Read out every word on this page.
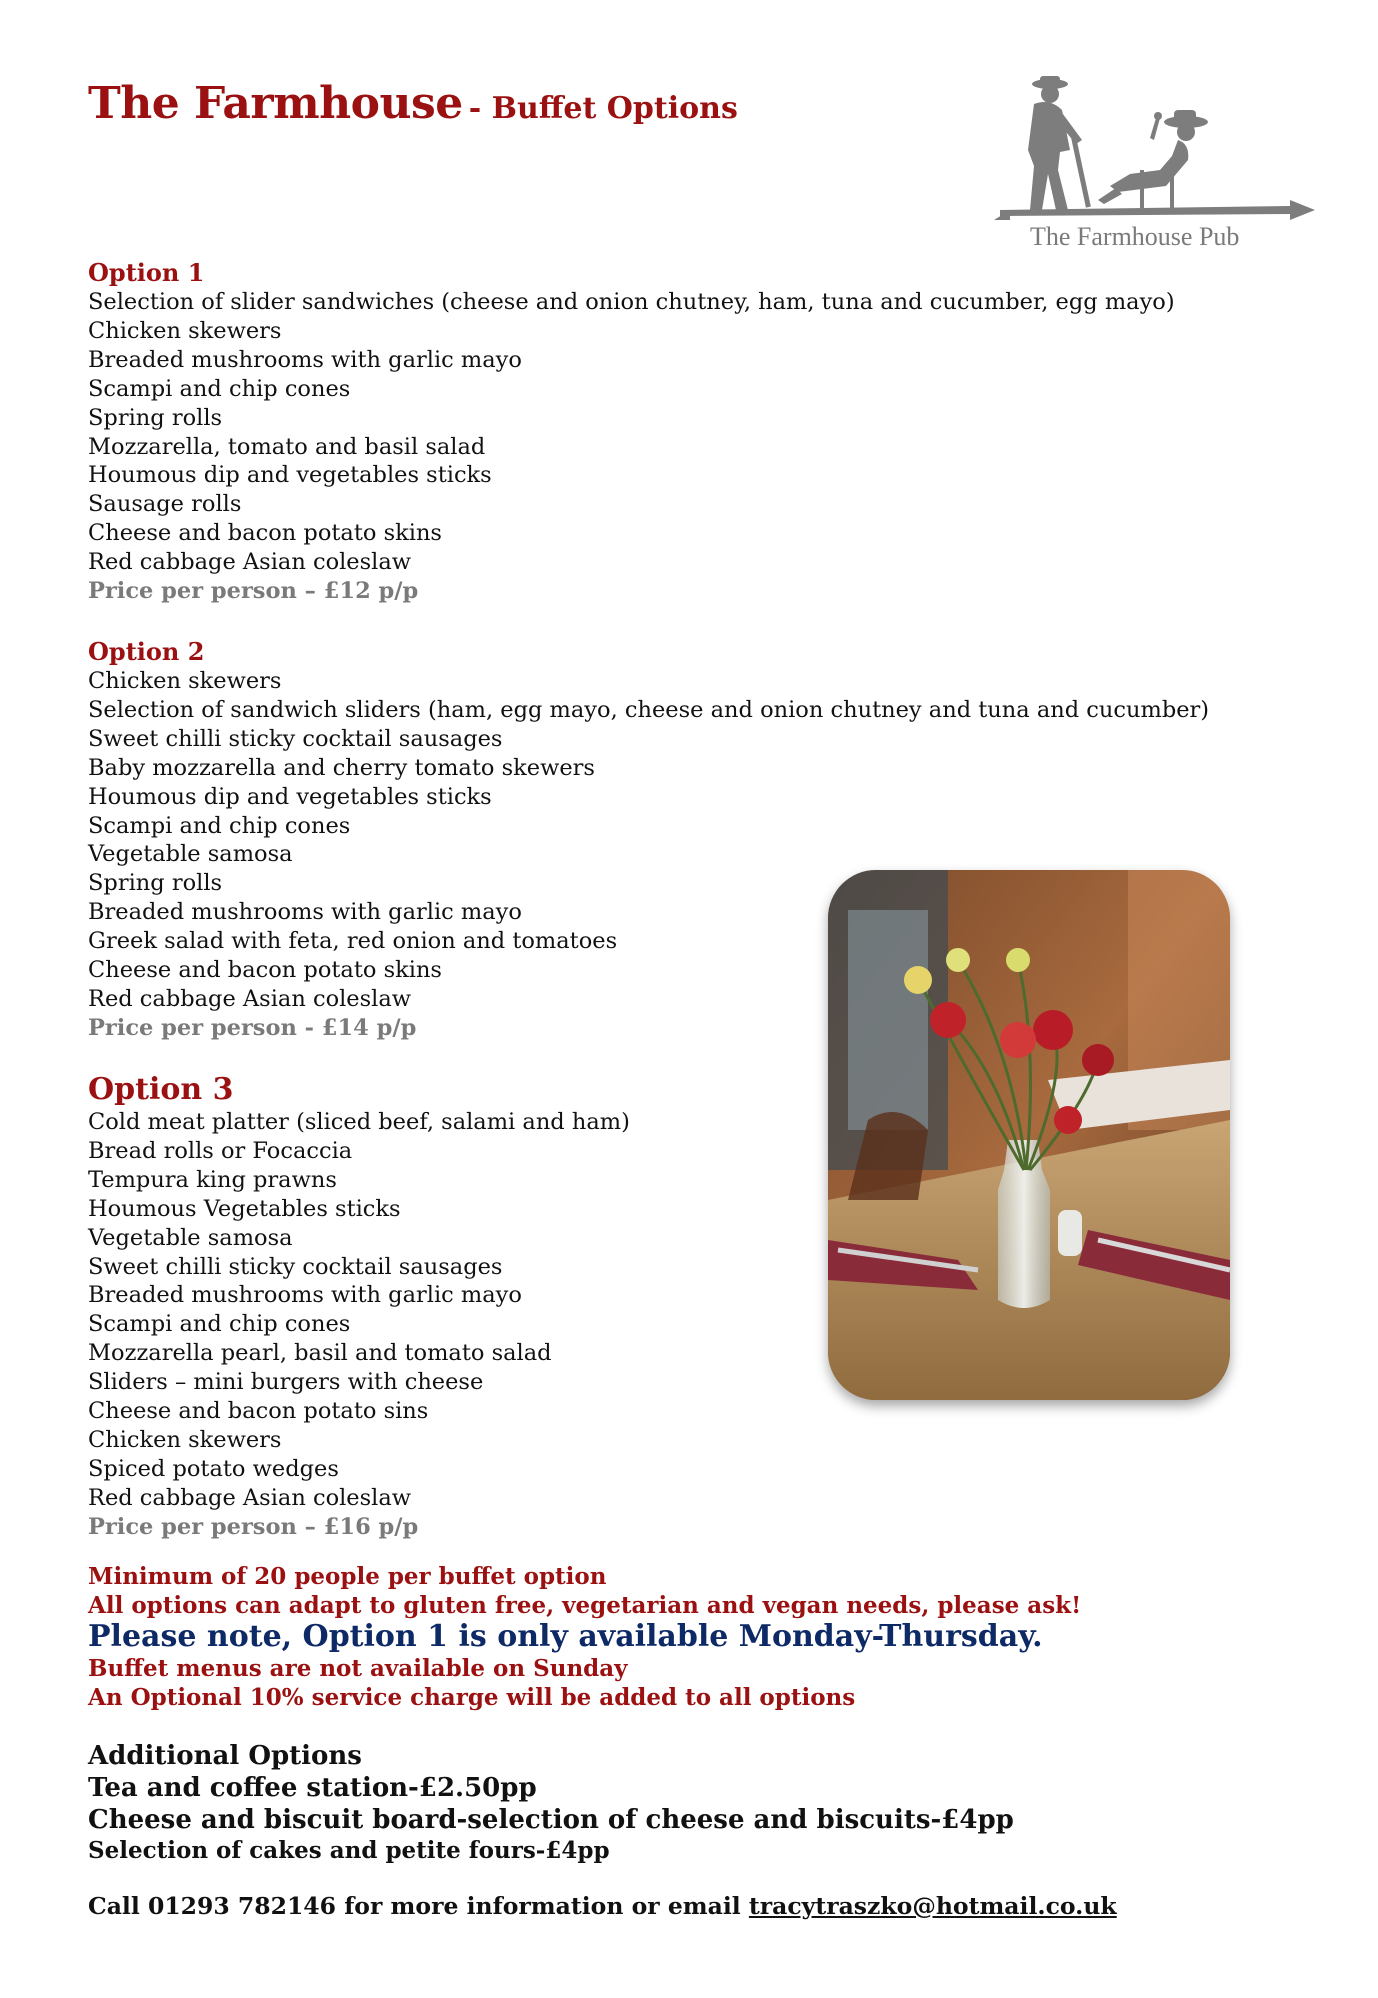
The Farmhouse - Buffet Options
The Farmhouse Pub
Option 1
Selection of slider sandwiches (cheese and onion chutney, ham, tuna and cucumber, egg mayo)
Chicken skewers
Breaded mushrooms with garlic mayo
Scampi and chip cones
Spring rolls
Mozzarella, tomato and basil salad
Houmous dip and vegetables sticks
Sausage rolls
Cheese and bacon potato skins
Red cabbage Asian coleslaw
Price per person – £12 p/p
Option 2
Chicken skewers
Selection of sandwich sliders (ham, egg mayo, cheese and onion chutney and tuna and cucumber)
Sweet chilli sticky cocktail sausages
Baby mozzarella and cherry tomato skewers
Houmous dip and vegetables sticks
Scampi and chip cones
Vegetable samosa
Spring rolls
Breaded mushrooms with garlic mayo
Greek salad with feta, red onion and tomatoes
Cheese and bacon potato skins
Red cabbage Asian coleslaw
Price per person - £14 p/p
Option 3
Cold meat platter (sliced beef, salami and ham)
Bread rolls or Focaccia
Tempura king prawns
Houmous Vegetables sticks
Vegetable samosa
Sweet chilli sticky cocktail sausages
Breaded mushrooms with garlic mayo
Scampi and chip cones
Mozzarella pearl, basil and tomato salad
Sliders – mini burgers with cheese
Cheese and bacon potato sins
Chicken skewers
Spiced potato wedges
Red cabbage Asian coleslaw
Price per person – £16 p/p
Minimum of 20 people per buffet option
All options can adapt to gluten free, vegetarian and vegan needs, please ask!
Please note, Option 1 is only available Monday-Thursday.
Buffet menus are not available on Sunday
An Optional 10% service charge will be added to all options
Additional Options
Tea and coffee station-£2.50pp
Cheese and biscuit board-selection of cheese and biscuits-£4pp
Selection of cakes and petite fours-£4pp
Call 01293 782146 for more information or email tracytraszko@hotmail.co.uk
